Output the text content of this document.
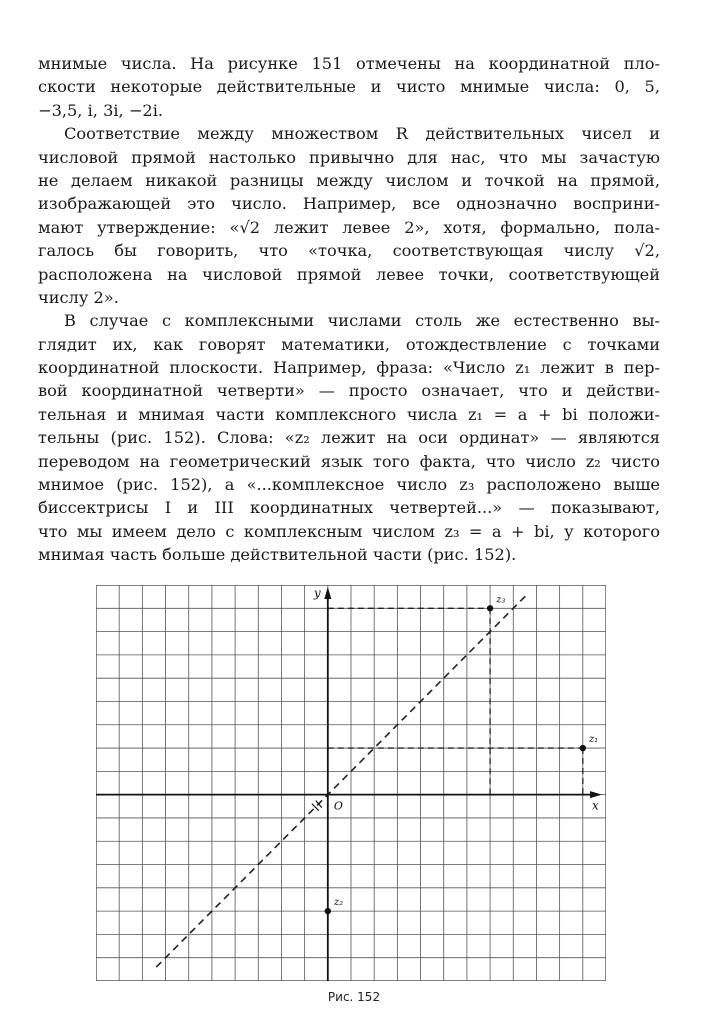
мнимые числа. На рисунке 151 отмечены на координатной пло-
скости некоторые действительные и чисто мнимые числа: 0, 5,
−3,5, i, 3i, −2i.
Соответствие между множеством R действительных чисел и
числовой прямой настолько привычно для нас, что мы зачастую
не делаем никакой разницы между числом и точкой на прямой,
изображающей это число. Например, все однозначно восприни-
мают утверждение: «√2 лежит левее 2», хотя, формально, пола-
галось бы говорить, что «точка, соответствующая числу √2,
расположена на числовой прямой левее точки, соответствующей
числу 2».
В случае с комплексными числами столь же естественно вы-
глядит их, как говорят математики, отождествление с точками
координатной плоскости. Например, фраза: «Число z₁ лежит в пер-
вой координатной четверти» — просто означает, что и действи-
тельная и мнимая части комплексного числа z₁ = a + bi положи-
тельны (рис. 152). Слова: «z₂ лежит на оси ординат» — являются
переводом на геометрический язык того факта, что число z₂ чисто
мнимое (рис. 152), а «...комплексное число z₃ расположено выше
биссектрисы I и III координатных четвертей...» — показывают,
что мы имеем дело с комплексным числом z₃ = a + bi, у которого
мнимая часть больше действительной части (рис. 152).
x
y
O
z₃
z₁
z₂
Рис. 152
